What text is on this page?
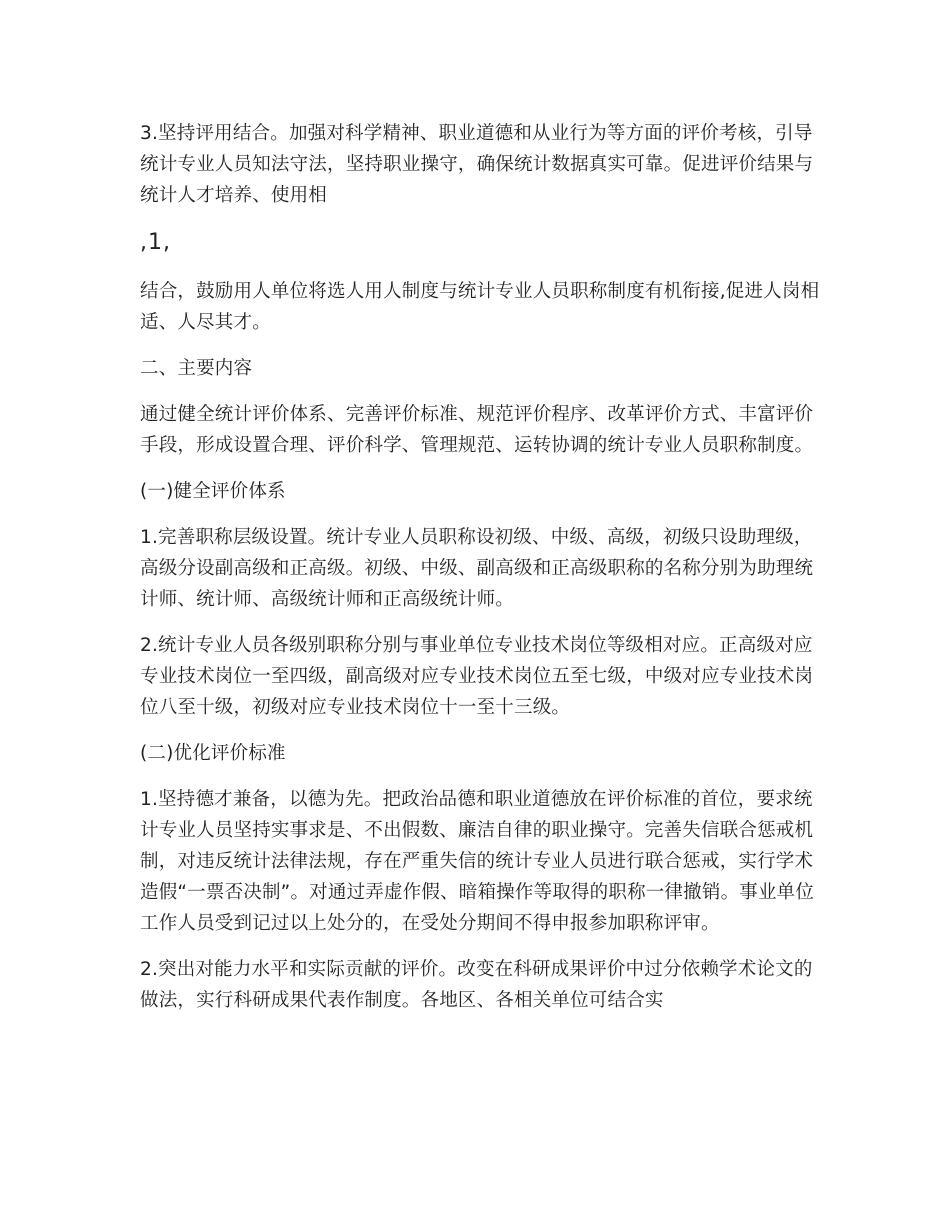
3.坚持评用结合。加强对科学精神、职业道德和从业行为等方面的评价考核，引导统计专业人员知法守法，坚持职业操守，确保统计数据真实可靠。促进评价结果与统计人才培养、使用相

,1,

结合，鼓励用人单位将选人用人制度与统计专业人员职称制度有机衔接,促进人岗相适、人尽其才。

二、主要内容

通过健全统计评价体系、完善评价标准、规范评价程序、改革评价方式、丰富评价手段，形成设置合理、评价科学、管理规范、运转协调的统计专业人员职称制度。

(一)健全评价体系

1.完善职称层级设置。统计专业人员职称设初级、中级、高级，初级只设助理级，高级分设副高级和正高级。初级、中级、副高级和正高级职称的名称分别为助理统计师、统计师、高级统计师和正高级统计师。

2.统计专业人员各级别职称分别与事业单位专业技术岗位等级相对应。正高级对应专业技术岗位一至四级，副高级对应专业技术岗位五至七级，中级对应专业技术岗位八至十级，初级对应专业技术岗位十一至十三级。

(二)优化评价标准

1.坚持德才兼备，以德为先。把政治品德和职业道德放在评价标准的首位，要求统计专业人员坚持实事求是、不出假数、廉洁自律的职业操守。完善失信联合惩戒机制，对违反统计法律法规，存在严重失信的统计专业人员进行联合惩戒，实行学术造假“一票否决制”。对通过弄虚作假、暗箱操作等取得的职称一律撤销。事业单位工作人员受到记过以上处分的，在受处分期间不得申报参加职称评审。

2.突出对能力水平和实际贡献的评价。改变在科研成果评价中过分依赖学术论文的做法，实行科研成果代表作制度。各地区、各相关单位可结合实
